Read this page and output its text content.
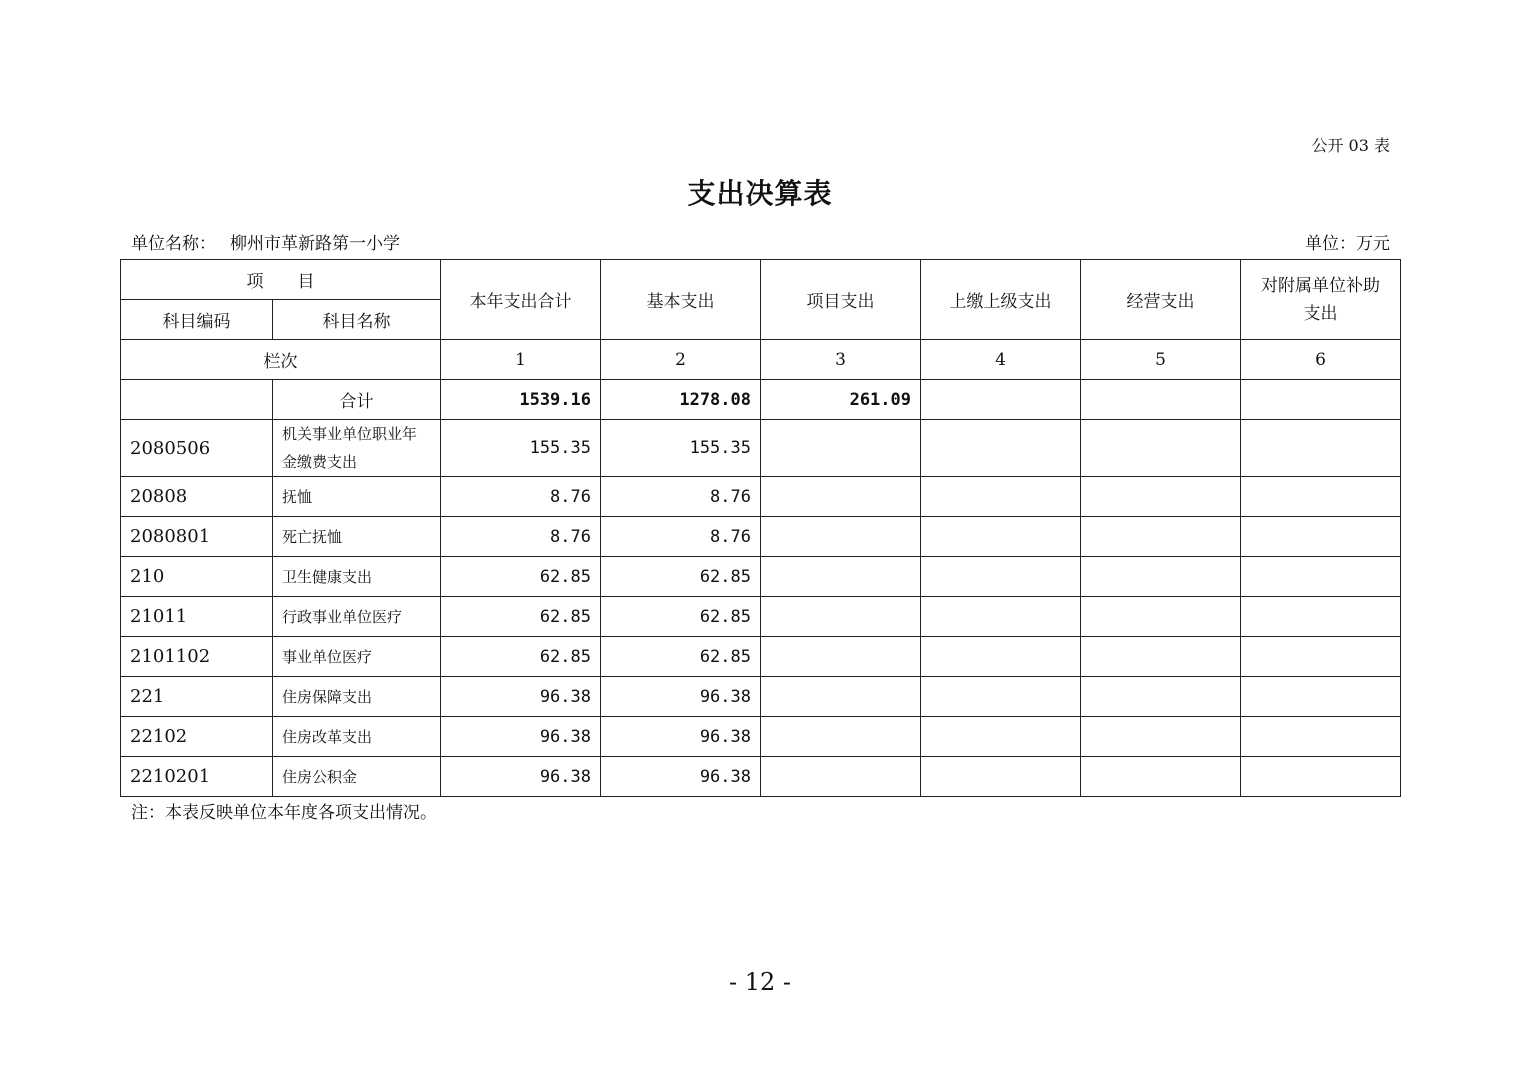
公开 03 表
支出决算表
单位名称： 柳州市革新路第一小学	单位：万元
项　　目		本年支出合计	基本支出	项目支出	上缴上级支出	经营支出	对附属单位补助支出
科目编码	科目名称						
栏次		1	2	3	4	5	6
	合计	1539.16	1278.08	261.09			
2080506	机关事业单位职业年金缴费支出	155.35	155.35				
20808	抚恤	8.76	8.76				
2080801	死亡抚恤	8.76	8.76				
210	卫生健康支出	62.85	62.85				
21011	行政事业单位医疗	62.85	62.85				
2101102	事业单位医疗	62.85	62.85				
221	住房保障支出	96.38	96.38				
22102	住房改革支出	96.38	96.38				
2210201	住房公积金	96.38	96.38				
注：本表反映单位本年度各项支出情况。
- 12 -
